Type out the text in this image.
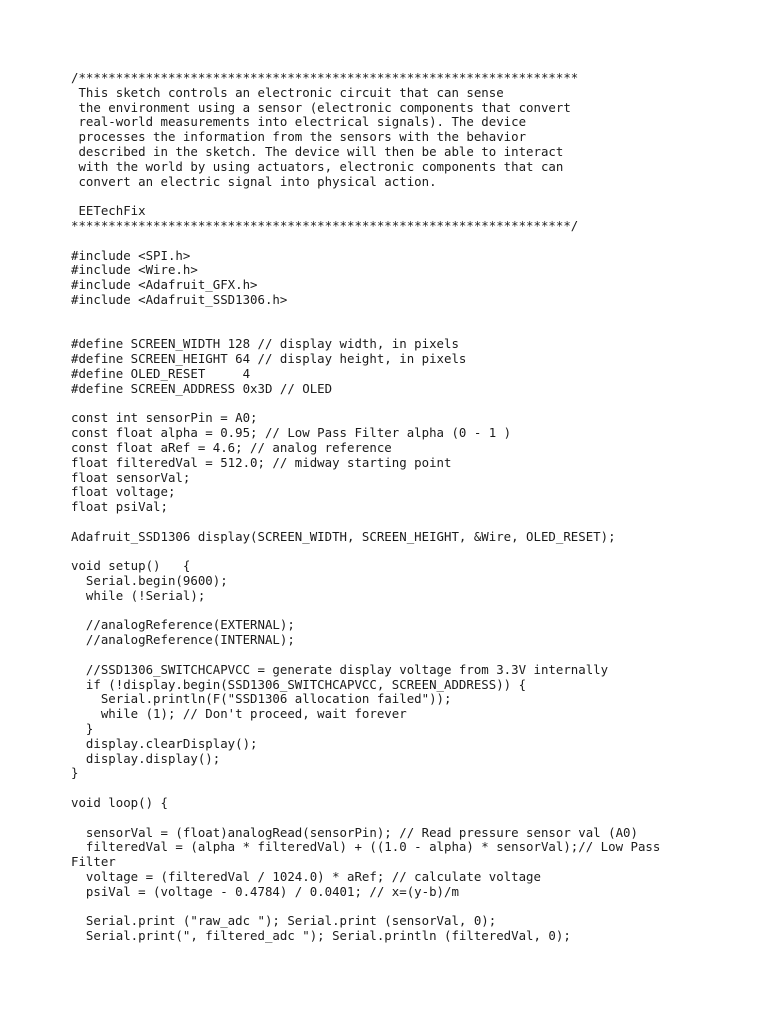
/*******************************************************************
This sketch controls an electronic circuit that can sense
the environment using a sensor (electronic components that convert
real-world measurements into electrical signals). The device
processes the information from the sensors with the behavior
described in the sketch. The device will then be able to interact
with the world by using actuators, electronic components that can
convert an electric signal into physical action.
EETechFix
*******************************************************************/
#include <SPI.h>
#include <Wire.h>
#include <Adafruit_GFX.h>
#include <Adafruit_SSD1306.h>
#define SCREEN_WIDTH 128 // display width, in pixels
#define SCREEN_HEIGHT 64 // display height, in pixels
#define OLED_RESET     4
#define SCREEN_ADDRESS 0x3D // OLED
const int sensorPin = A0;
const float alpha = 0.95; // Low Pass Filter alpha (0 - 1 )
const float aRef = 4.6; // analog reference
float filteredVal = 512.0; // midway starting point
float sensorVal;
float voltage;
float psiVal;
Adafruit_SSD1306 display(SCREEN_WIDTH, SCREEN_HEIGHT, &Wire, OLED_RESET);
void setup()   {
Serial.begin(9600);
while (!Serial);
//analogReference(EXTERNAL);
//analogReference(INTERNAL);
//SSD1306_SWITCHCAPVCC = generate display voltage from 3.3V internally
if (!display.begin(SSD1306_SWITCHCAPVCC, SCREEN_ADDRESS)) {
Serial.println(F("SSD1306 allocation failed"));
while (1); // Don't proceed, wait forever
}
display.clearDisplay();
display.display();
}
void loop() {
sensorVal = (float)analogRead(sensorPin); // Read pressure sensor val (A0)
filteredVal = (alpha * filteredVal) + ((1.0 - alpha) * sensorVal);// Low Pass
Filter
voltage = (filteredVal / 1024.0) * aRef; // calculate voltage
psiVal = (voltage - 0.4784) / 0.0401; // x=(y-b)/m
Serial.print ("raw_adc "); Serial.print (sensorVal, 0);
Serial.print(", filtered_adc "); Serial.println (filteredVal, 0);
